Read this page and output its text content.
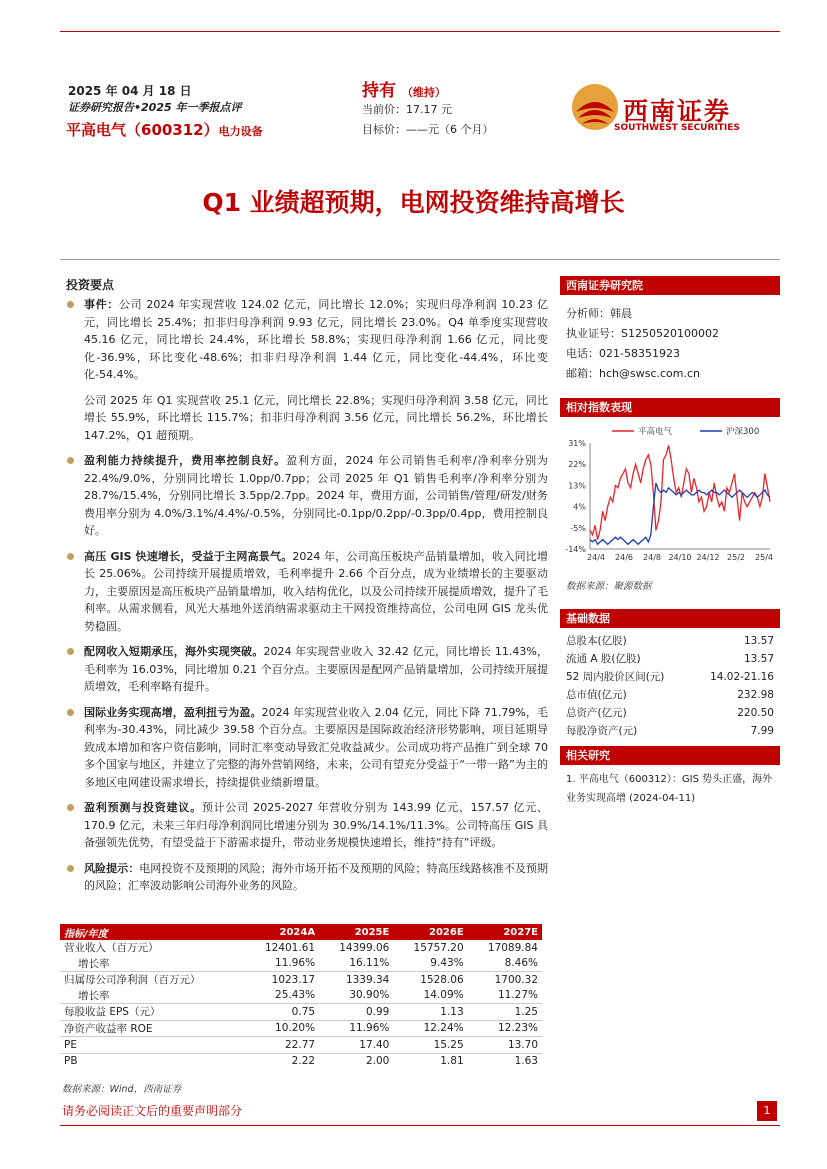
2025 年 04 月 18 日
证券研究报告•2025 年一季报点评
平高电气（600312）电力设备
持有 （维持）
当前价：17.17 元
目标价：——元（6 个月）
西南证券
SOUTHWEST SECURITIES
Q1 业绩超预期，电网投资维持高增长
投资要点
事件：公司 2024 年实现营收 124.02 亿元，同比增长 12.0%；实现归母净利润 10.23 亿元，同比增长 25.4%；扣非归母净利润 9.93 亿元，同比增长 23.0%。Q4 单季度实现营收 45.16 亿元，同比增长 24.4%，环比增长 58.8%；实现归母净利润 1.66 亿元，同比变化-36.9%，环比变化-48.6%；扣非归母净利润 1.44 亿元，同比变化-44.4%，环比变化-54.4%。
公司 2025 年 Q1 实现营收 25.1 亿元，同比增长 22.8%；实现归母净利润 3.58 亿元，同比增长 55.9%，环比增长 115.7%；扣非归母净利润 3.56 亿元，同比增长 56.2%，环比增长 147.2%，Q1 超预期。
盈利能力持续提升，费用率控制良好。盈利方面，2024 年公司销售毛利率/净利率分别为 22.4%/9.0%，分别同比增长 1.0pp/0.7pp；公司 2025 年 Q1 销售毛利率/净利率分别为 28.7%/15.4%，分别同比增长 3.5pp/2.7pp。2024 年，费用方面，公司销售/管理/研发/财务费用率分别为 4.0%/3.1%/4.4%/-0.5%，分别同比-0.1pp/0.2pp/-0.3pp/0.4pp，费用控制良好。
高压 GIS 快速增长，受益于主网高景气。2024 年，公司高压板块产品销量增加，收入同比增长 25.06%。公司持续开展提质增效，毛利率提升 2.66 个百分点，成为业绩增长的主要驱动力，主要原因是高压板块产品销量增加，收入结构优化，以及公司持续开展提质增效，提升了毛利率。从需求侧看，风光大基地外送消纳需求驱动主干网投资维持高位，公司电网 GIS 龙头优势稳固。
配网收入短期承压，海外实现突破。2024 年实现营业收入 32.42 亿元，同比增长 11.43%，毛利率为 16.03%，同比增加 0.21 个百分点。主要原因是配网产品销量增加，公司持续开展提质增效，毛利率略有提升。
国际业务实现高增，盈利扭亏为盈。2024 年实现营业收入 2.04 亿元，同比下降 71.79%，毛利率为-30.43%，同比减少 39.58 个百分点。主要原因是国际政治经济形势影响，项目延期导致成本增加和客户资信影响，同时汇率变动导致汇兑收益减少。公司成功将产品推广到全球 70 多个国家与地区，并建立了完整的海外营销网络，未来，公司有望充分受益于“一带一路”为主的多地区电网建设需求增长，持续提供业绩新增量。
盈利预测与投资建议。预计公司 2025-2027 年营收分别为 143.99 亿元、157.57 亿元、170.9 亿元，未来三年归母净利润同比增速分别为 30.9%/14.1%/11.3%。公司特高压 GIS 具备强领先优势，有望受益于下游需求提升，带动业务规模快速增长，维持“持有”评级。
风险提示：电网投资不及预期的风险；海外市场开拓不及预期的风险；特高压线路核准不及预期的风险；汇率波动影响公司海外业务的风险。
西南证券研究院
分析师：韩晨
执业证号：S1250520100002
电话：021-58351923
邮箱：hch@swsc.com.cn
相对指数表现
31%
22%
13%
4%
-5%
-14%
24/4 24/6 24/8 24/10 24/12 25/2 25/4
平高电气	沪深300
数据来源：聚源数据
基础数据
总股本(亿股)	13.57
流通 A 股(亿股)	13.57
52 周内股价区间(元)	14.02-21.16
总市值(亿元)	232.98
总资产(亿元)	220.50
每股净资产(元)	7.99
相关研究
1. 平高电气（600312）：GIS 势头正盛，海外业务实现高增 (2024-04-11)
指标/年度	2024A	2025E	2026E	2027E
营业收入（百万元）	12401.61	14399.06	15757.20	17089.84
增长率	11.96%	16.11%	9.43%	8.46%
归属母公司净利润（百万元）	1023.17	1339.34	1528.06	1700.32
增长率	25.43%	30.90%	14.09%	11.27%
每股收益 EPS（元）	0.75	0.99	1.13	1.25
净资产收益率 ROE	10.20%	11.96%	12.24%	12.23%
PE	22.77	17.40	15.25	13.70
PB	2.22	2.00	1.81	1.63
数据来源：Wind，西南证券
请务必阅读正文后的重要声明部分	1
